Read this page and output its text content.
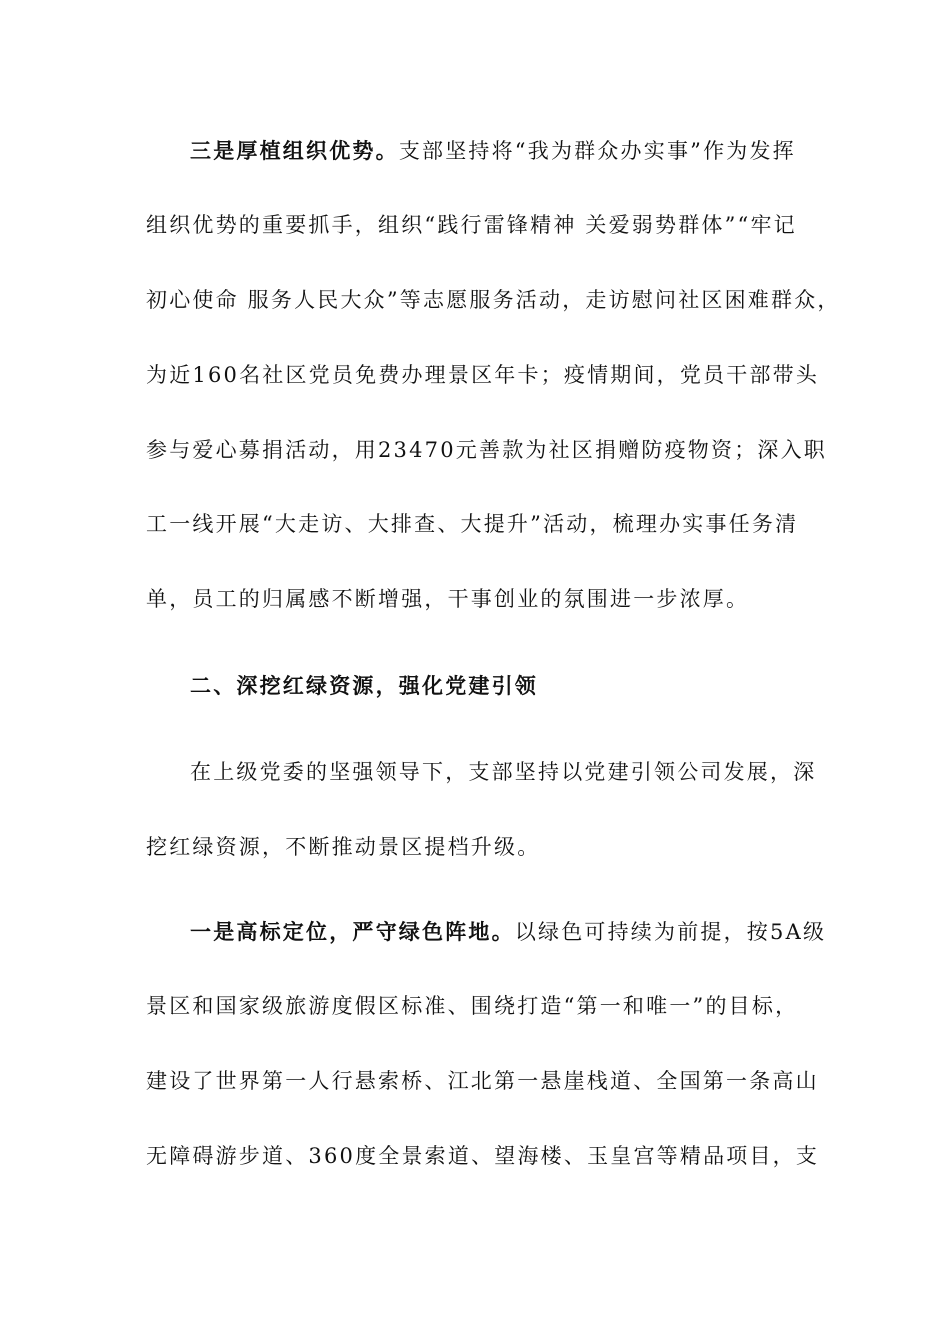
三是厚植组织优势。支部坚持将“我为群众办实事”作为发挥
组织优势的重要抓手，组织“践行雷锋精神 关爱弱势群体”“牢记
初心使命 服务人民大众”等志愿服务活动，走访慰问社区困难群众，
为近160名社区党员免费办理景区年卡；疫情期间，党员干部带头
参与爱心募捐活动，用23470元善款为社区捐赠防疫物资；深入职
工一线开展“大走访、大排查、大提升”活动，梳理办实事任务清
单，员工的归属感不断增强，干事创业的氛围进一步浓厚。
二、深挖红绿资源，强化党建引领
在上级党委的坚强领导下，支部坚持以党建引领公司发展，深
挖红绿资源，不断推动景区提档升级。
一是高标定位，严守绿色阵地。以绿色可持续为前提，按5A级
景区和国家级旅游度假区标准、围绕打造“第一和唯一”的目标，
建设了世界第一人行悬索桥、江北第一悬崖栈道、全国第一条高山
无障碍游步道、360度全景索道、望海楼、玉皇宫等精品项目，支
